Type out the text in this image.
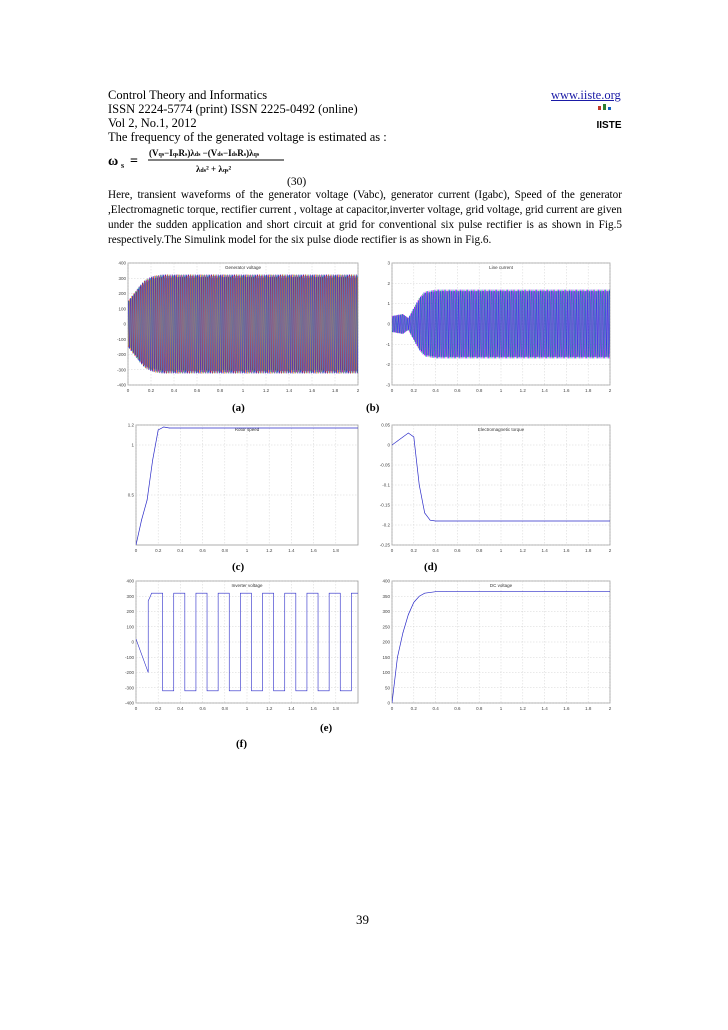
Control Theory and Informatics	www.iiste.org
ISSN 2224-5774 (print) ISSN 2225-0492 (online)
Vol 2, No.1, 2012	IISTE
The frequency of the generated voltage is estimated as :
ω s =
(Vqs−IqsRs)λds −(Vds−IdsRs)λqs
λds² + λqs²
(30)
Here, transient waveforms of the generator voltage (Vabc), generator current (Igabc), Speed of the generator ,Electromagnetic torque, rectifier current , voltage at capacitor,inverter voltage, grid voltage, grid current are given under the sudden application and short circuit at grid for conventional six pulse rectifier is as shown in Fig.5 respectively.The Simulink model for the six pulse diode rectifier is as shown in Fig.6.
Generator voltage
0	0.2	0.4	0.6	0.8	1	1.2	1.4	1.6	1.8	2
400
300
200
100
0
-100
-200
-300
-400
Line current
0	0.2	0.4	0.6	0.8	1	1.2	1.4	1.6	1.8	2
3
2
1
0
-1
-2
-3
Rotor speed
0	0.2	0.4	0.6	0.8	1	1.2	1.4	1.6	1.8
1.2
1
0.5
Electromagnetic torque
0	0.2	0.4	0.6	0.8	1	1.2	1.4	1.6	1.8	2
0.05
0
-0.05
-0.1
-0.15
-0.2
-0.25
Inverter voltage
0	0.2	0.4	0.6	0.8	1	1.2	1.4	1.6	1.8
400
300
200
100
0
-100
-200
-300
-400
DC voltage
0	0.2	0.4	0.6	0.8	1	1.2	1.4	1.6	1.8	2
400
350
300
250
200
150
100
50
0
(a)	(b)
(c)	(d)
(e)
(f)
39
